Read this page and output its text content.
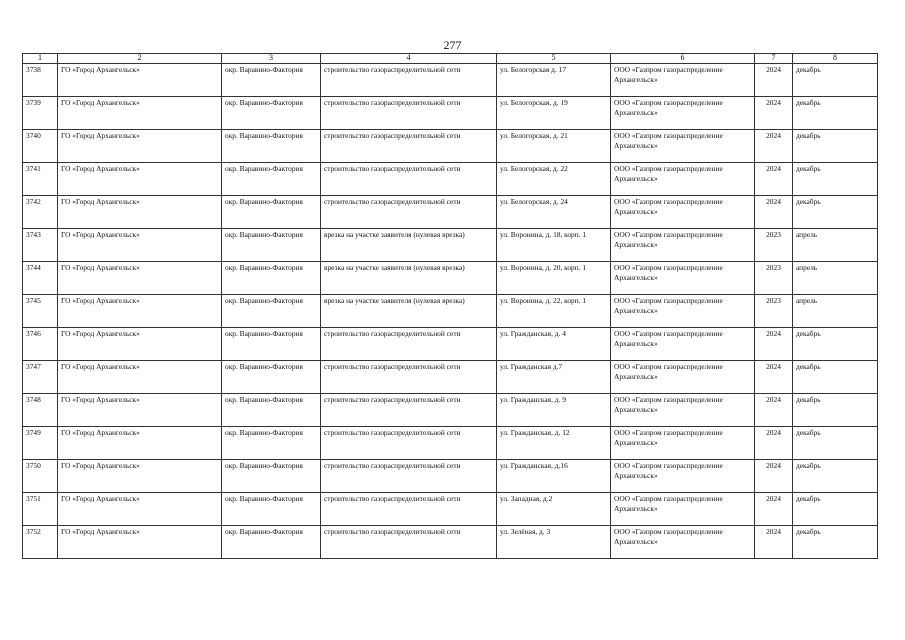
277
1	2	3	4	5	6	7	8
3738	ГО «Город Архангельск»	окр. Варавино-Фактория	строительство газораспределительной сети	ул. Белогорская д. 17	ООО «Газпром газораспределение Архангельск»	2024	декабрь
3739	ГО «Город Архангельск»	окр. Варавино-Фактория	строительство газораспределительной сети	ул. Белогорская, д. 19	ООО «Газпром газораспределение Архангельск»	2024	декабрь
3740	ГО «Город Архангельск»	окр. Варавино-Фактория	строительство газораспределительной сети	ул. Белогорская, д. 21	ООО «Газпром газораспределение Архангельск»	2024	декабрь
3741	ГО «Город Архангельск»	окр. Варавино-Фактория	строительство газораспределительной сети	ул. Белогорская, д. 22	ООО «Газпром газораспределение Архангельск»	2024	декабрь
3742	ГО «Город Архангельск»	окр. Варавино-Фактория	строительство газораспределительной сети	ул. Белогорская, д. 24	ООО «Газпром газораспределение Архангельск»	2024	декабрь
3743	ГО «Город Архангельск»	окр. Варавино-Фактория	врезка на участке заявителя (нулевая врезка)	ул. Воронина, д. 18, корп. 1	ООО «Газпром газораспределение Архангельск»	2023	апрель
3744	ГО «Город Архангельск»	окр. Варавино-Фактория	врезка на участке заявителя (нулевая врезка)	ул. Воронина, д. 20, корп. 1	ООО «Газпром газораспределение Архангельск»	2023	апрель
3745	ГО «Город Архангельск»	окр. Варавино-Фактория	врезка на участке заявителя (нулевая врезка)	ул. Воронина, д. 22, корп. 1	ООО «Газпром газораспределение Архангельск»	2023	апрель
3746	ГО «Город Архангельск»	окр. Варавино-Фактория	строительство газораспределительной сети	ул. Гражданская, д. 4	ООО «Газпром газораспределение Архангельск»	2024	декабрь
3747	ГО «Город Архангельск»	окр. Варавино-Фактория	строительство газораспределительной сети	ул. Гражданская д.7	ООО «Газпром газораспределение Архангельск»	2024	декабрь
3748	ГО «Город Архангельск»	окр. Варавино-Фактория	строительство газораспределительной сети	ул. Гражданская, д. 9	ООО «Газпром газораспределение Архангельск»	2024	декабрь
3749	ГО «Город Архангельск»	окр. Варавино-Фактория	строительство газораспределительной сети	ул. Гражданская, д. 12	ООО «Газпром газораспределение Архангельск»	2024	декабрь
3750	ГО «Город Архангельск»	окр. Варавино-Фактория	строительство газораспределительной сети	ул. Гражданская, д.16	ООО «Газпром газораспределение Архангельск»	2024	декабрь
3751	ГО «Город Архангельск»	окр. Варавино-Фактория	строительство газораспределительной сети	ул. Западная, д.2	ООО «Газпром газораспределение Архангельск»	2024	декабрь
3752	ГО «Город Архангельск»	окр. Варавино-Фактория	строительство газораспределительной сети	ул. Зелёная, д. 3	ООО «Газпром газораспределение Архангельск»	2024	декабрь
